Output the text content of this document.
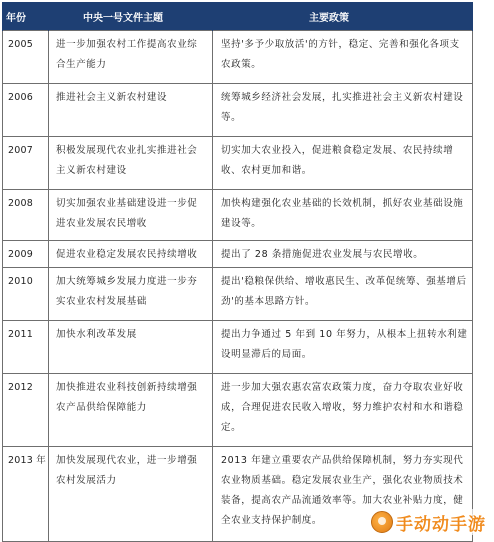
年份	中央一号文件主题	主要政策
2005	进一步加强农村工作提高农业综合生产能力	坚持'多予少取放活'的方针，稳定、完善和强化各项支农政策。
2006	推进社会主义新农村建设	统筹城乡经济社会发展，扎实推进社会主义新农村建设等。
2007	积极发展现代农业扎实推进社会主义新农村建设	切实加大农业投入，促进粮食稳定发展、农民持续增收、农村更加和谐。
2008	切实加强农业基础建设进一步促进农业发展农民增收	加快构建强化农业基础的长效机制，抓好农业基础设施建设等。
2009	促进农业稳定发展农民持续增收	提出了 28 条措施促进农业发展与农民增收。
2010	加大统筹城乡发展力度进一步夯实农业农村发展基础	提出'稳粮保供给、增收惠民生、改革促统筹、强基增后劲'的基本思路方针。
2011	加快水利改革发展	提出力争通过 5 年到 10 年努力，从根本上扭转水利建设明显滞后的局面。
2012	加快推进农业科技创新持续增强农产品供给保障能力	进一步加大强农惠农富农政策力度，奋力夺取农业好收成，合理促进农民收入增收，努力维护农村和水和谐稳定。
2013 年	加快发展现代农业，进一步增强农村发展活力	2013 年建立重要农产品供给保障机制，努力夯实现代农业物质基础。稳定发展农业生产，强化农业物质技术装备，提高农产品流通效率等。加大农业补贴力度，健全农业支持保护制度。	手动动手游
